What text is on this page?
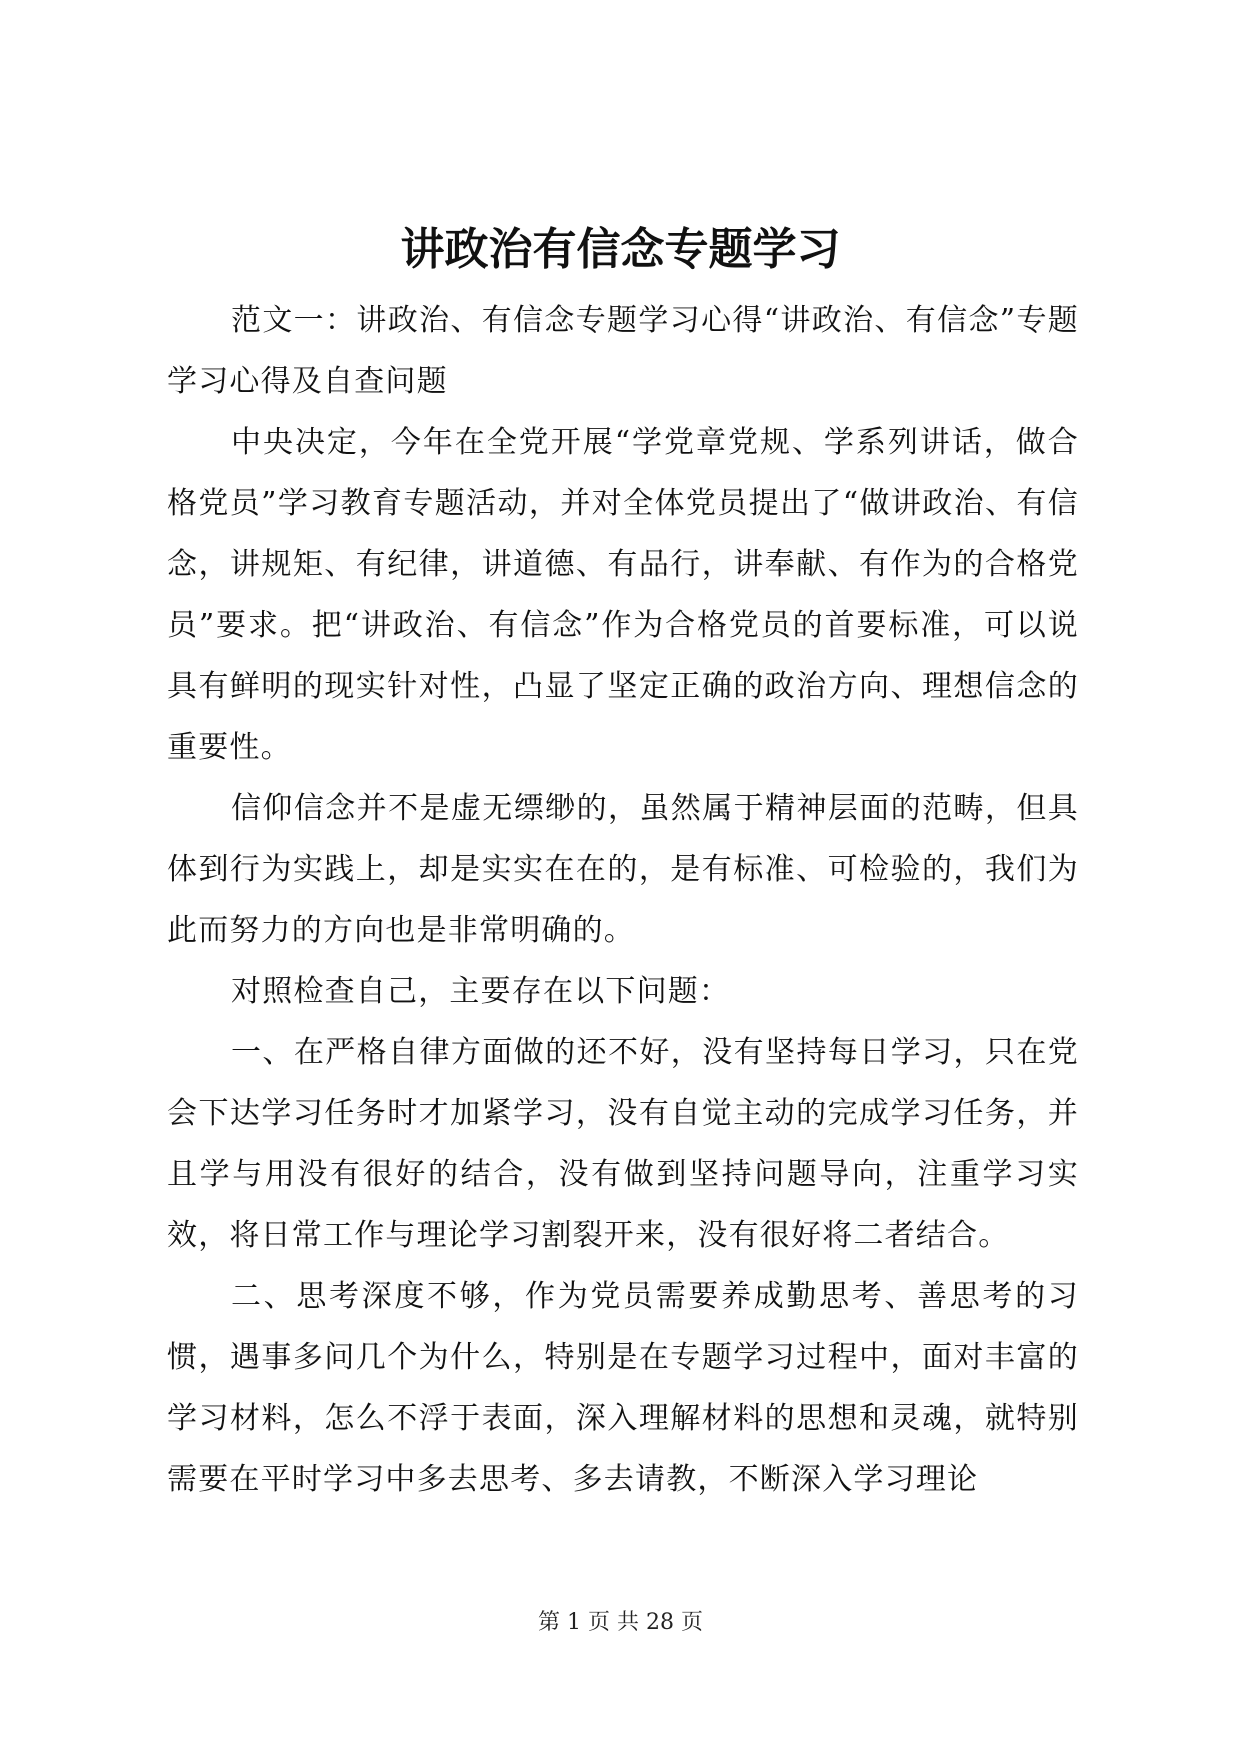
讲政治有信念专题学习

范文一：讲政治、有信念专题学习心得“讲政治、有信念”专题学习心得及自查问题

中央决定，今年在全党开展“学党章党规、学系列讲话，做合格党员”学习教育专题活动，并对全体党员提出了“做讲政治、有信念，讲规矩、有纪律，讲道德、有品行，讲奉献、有作为的合格党员”要求。把“讲政治、有信念”作为合格党员的首要标准，可以说具有鲜明的现实针对性，凸显了坚定正确的政治方向、理想信念的重要性。

信仰信念并不是虚无缥缈的，虽然属于精神层面的范畴，但具体到行为实践上，却是实实在在的，是有标准、可检验的，我们为此而努力的方向也是非常明确的。

对照检查自己，主要存在以下问题：

一、在严格自律方面做的还不好，没有坚持每日学习，只在党会下达学习任务时才加紧学习，没有自觉主动的完成学习任务，并且学与用没有很好的结合，没有做到坚持问题导向，注重学习实效，将日常工作与理论学习割裂开来，没有很好将二者结合。

二、思考深度不够，作为党员需要养成勤思考、善思考的习惯，遇事多问几个为什么，特别是在专题学习过程中，面对丰富的学习材料，怎么不浮于表面，深入理解材料的思想和灵魂，就特别需要在平时学习中多去思考、多去请教，不断深入学习理论

第 1 页 共 28 页
